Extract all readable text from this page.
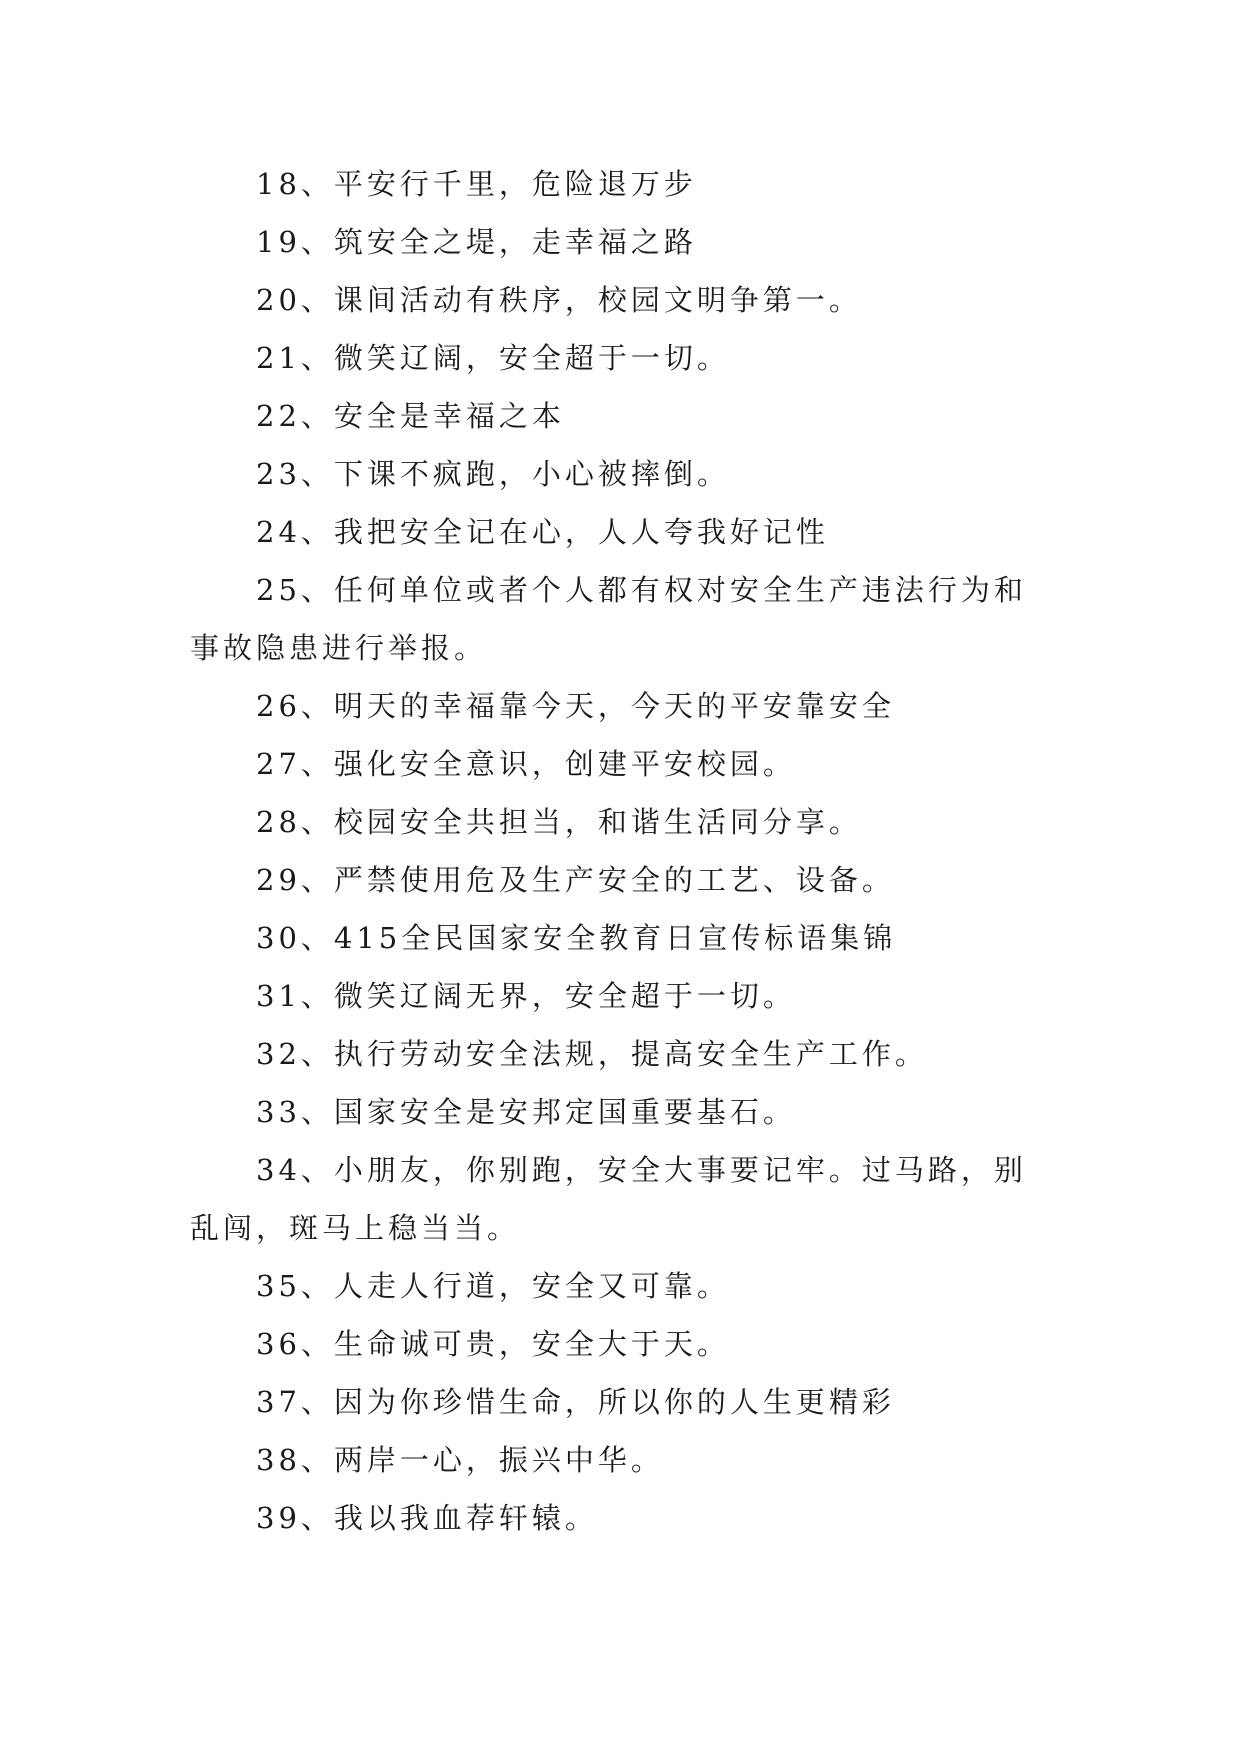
18、平安行千里，危险退万步

19、筑安全之堤，走幸福之路

20、课间活动有秩序，校园文明争第一。

21、微笑辽阔，安全超于一切。

22、安全是幸福之本

23、下课不疯跑，小心被摔倒。

24、我把安全记在心，人人夸我好记性

25、任何单位或者个人都有权对安全生产违法行为和事故隐患进行举报。

26、明天的幸福靠今天，今天的平安靠安全

27、强化安全意识，创建平安校园。

28、校园安全共担当，和谐生活同分享。

29、严禁使用危及生产安全的工艺、设备。

30、415全民国家安全教育日宣传标语集锦

31、微笑辽阔无界，安全超于一切。

32、执行劳动安全法规，提高安全生产工作。

33、国家安全是安邦定国重要基石。

34、小朋友，你别跑，安全大事要记牢。过马路，别乱闯，斑马上稳当当。

35、人走人行道，安全又可靠。

36、生命诚可贵，安全大于天。

37、因为你珍惜生命，所以你的人生更精彩

38、两岸一心，振兴中华。

39、我以我血荐轩辕。
